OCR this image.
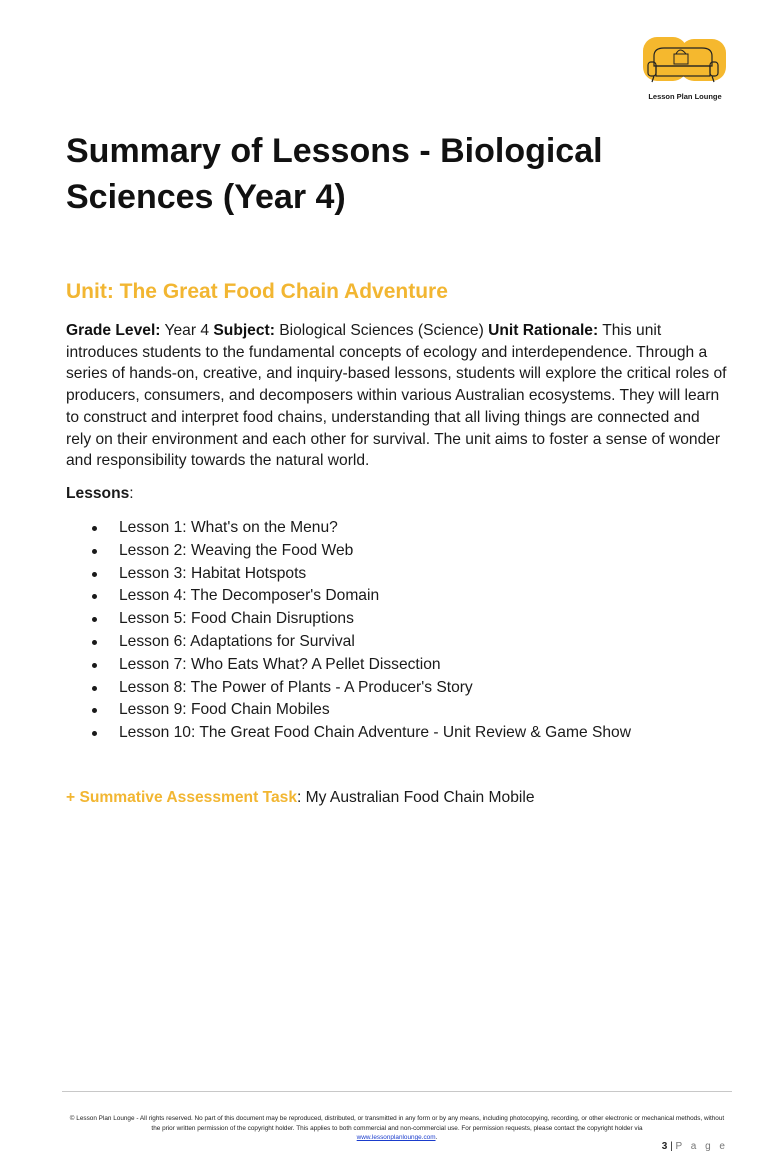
Lesson Plan Lounge
Summary of Lessons - Biological Sciences (Year 4)
Unit: The Great Food Chain Adventure

Grade Level: Year 4 Subject: Biological Sciences (Science) Unit Rationale: This unit introduces students to the fundamental concepts of ecology and interdependence. Through a series of hands-on, creative, and inquiry-based lessons, students will explore the critical roles of producers, consumers, and decomposers within various Australian ecosystems. They will learn to construct and interpret food chains, understanding that all living things are connected and rely on their environment and each other for survival. The unit aims to foster a sense of wonder and responsibility towards the natural world.

Lessons:

Lesson 1: What's on the Menu?
Lesson 2: Weaving the Food Web
Lesson 3: Habitat Hotspots
Lesson 4: The Decomposer's Domain
Lesson 5: Food Chain Disruptions
Lesson 6: Adaptations for Survival
Lesson 7: Who Eats What? A Pellet Dissection
Lesson 8: The Power of Plants - A Producer's Story
Lesson 9: Food Chain Mobiles
Lesson 10: The Great Food Chain Adventure - Unit Review & Game Show

+ Summative Assessment Task: My Australian Food Chain Mobile

© Lesson Plan Lounge - All rights reserved. No part of this document may be reproduced, distributed, or transmitted in any form or by any means, including photocopying, recording, or other electronic or mechanical methods, without the prior written permission of the copyright holder. This applies to both commercial and non-commercial use. For permission requests, please contact the copyright holder via
www.lessonplanlounge.com.

3 | P a g e
